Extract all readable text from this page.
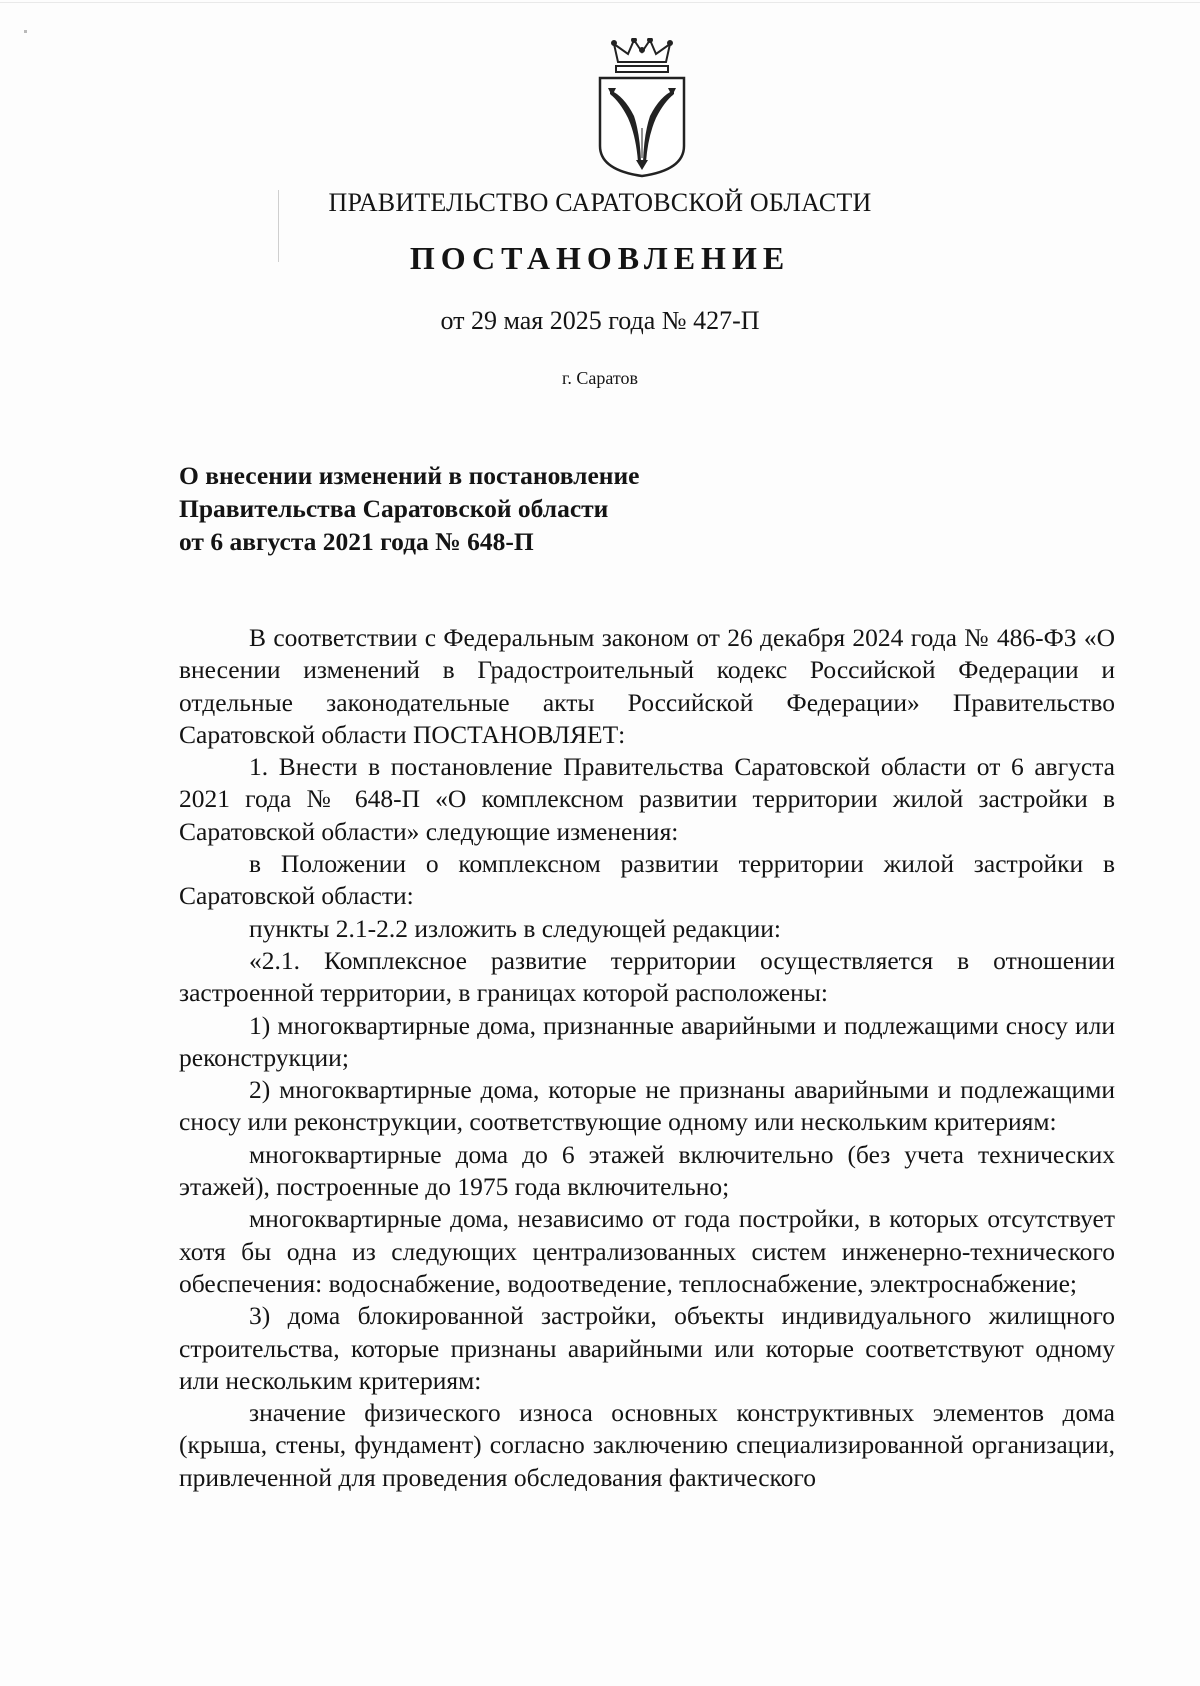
ПРАВИТЕЛЬСТВО САРАТОВСКОЙ ОБЛАСТИ
ПОСТАНОВЛЕНИЕ
от 29 мая 2025 года № 427-П
г. Саратов
О внесении изменений в постановление
Правительства Саратовской области
от 6 августа 2021 года № 648-П

В соответствии с Федеральным законом от 26 декабря 2024 года № 486-ФЗ «О внесении изменений в Градостроительный кодекс Российской Федерации и отдельные законодательные акты Российской Федерации» Правительство Саратовской области ПОСТАНОВЛЯЕТ:

1. Внести в постановление Правительства Саратовской области от 6 августа 2021 года № 648-П «О комплексном развитии территории жилой застройки в Саратовской области» следующие изменения:

в Положении о комплексном развитии территории жилой застройки в Саратовской области:

пункты 2.1-2.2 изложить в следующей редакции:

«2.1. Комплексное развитие территории осуществляется в отношении застроенной территории, в границах которой расположены:

1) многоквартирные дома, признанные аварийными и подлежащими сносу или реконструкции;

2) многоквартирные дома, которые не признаны аварийными и подлежащими сносу или реконструкции, соответствующие одному или нескольким критериям:

многоквартирные дома до 6 этажей включительно (без учета технических этажей), построенные до 1975 года включительно;

многоквартирные дома, независимо от года постройки, в которых отсутствует хотя бы одна из следующих централизованных систем инженерно-технического обеспечения: водоснабжение, водоотведение, теплоснабжение, электроснабжение;

3) дома блокированной застройки, объекты индивидуального жилищного строительства, которые признаны аварийными или которые соответствуют одному или нескольким критериям:

значение физического износа основных конструктивных элементов дома (крыша, стены, фундамент) согласно заключению специализированной организации, привлеченной для проведения обследования фактического
